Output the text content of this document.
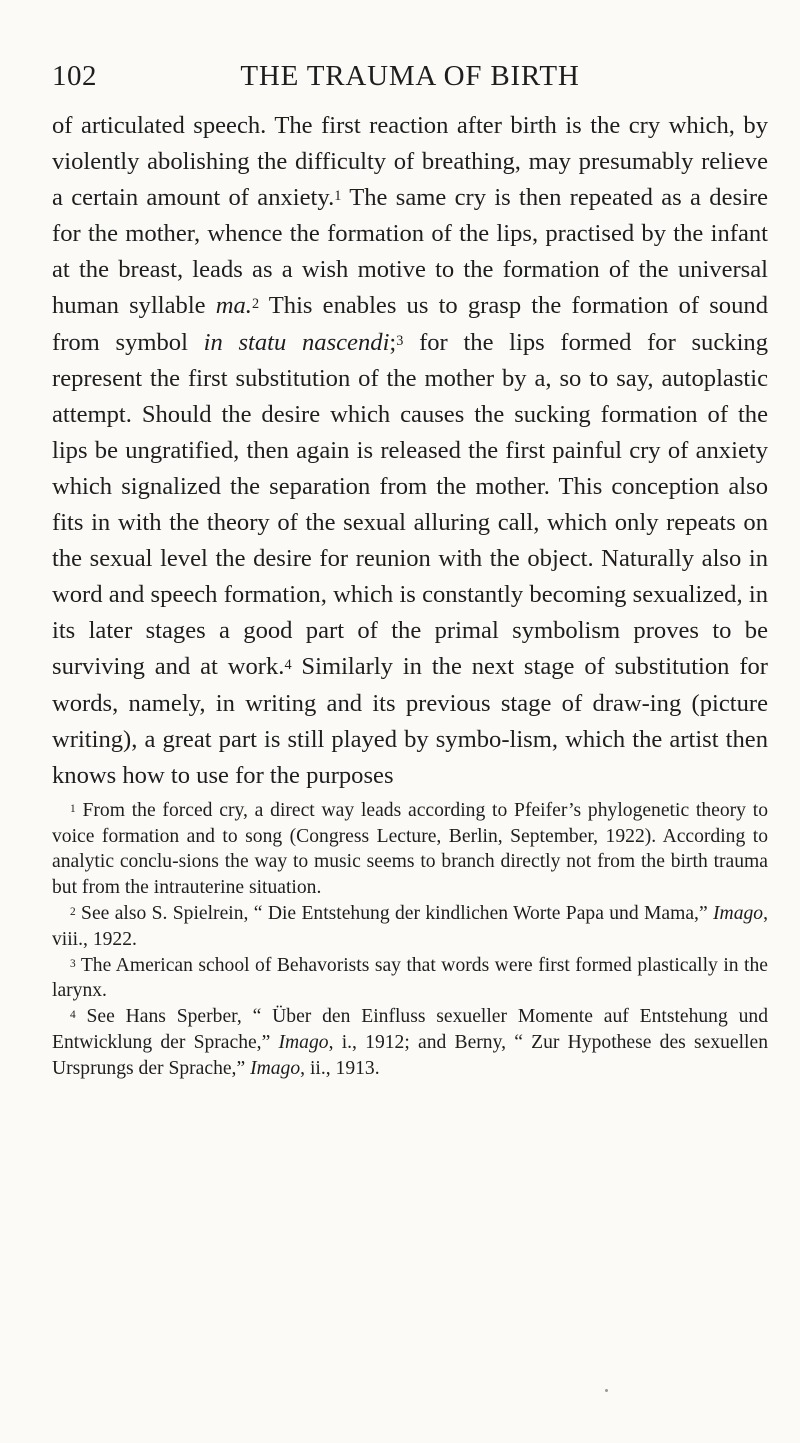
102	THE TRAUMA OF BIRTH

of articulated speech. The first reaction after birth is the cry which, by violently abolishing the difficulty of breathing, may presumably relieve a certain amount of anxiety.$^1$ The same cry is then repeated as a desire for the mother, whence the formation of the lips, practised by the infant at the breast, leads as a wish motive to the formation of the universal human syllable ma.$^2$ This enables us to grasp the formation of sound from symbol in statu nascendi;$^3$ for the lips formed for sucking represent the first substitution of the mother by a, so to say, autoplastic attempt. Should the desire which causes the sucking formation of the lips be ungratified, then again is released the first painful cry of anxiety which signalized the separation from the mother. This conception also fits in with the theory of the sexual alluring call, which only repeats on the sexual level the desire for reunion with the object. Naturally also in word and speech formation, which is constantly becoming sexualized, in its later stages a good part of the primal symbolism proves to be surviving and at work.$^4$ Similarly in the next stage of substitution for words, namely, in writing and its previous stage of draw-ing (picture writing), a great part is still played by symbo-lism, which the artist then knows how to use for the purposes

$^1$ From the forced cry, a direct way leads according to Pfeifer’s phylogenetic theory to voice formation and to song (Congress Lecture, Berlin, September, 1922). According to analytic conclu-sions the way to music seems to branch directly not from the birth trauma but from the intrauterine situation.

$^2$ See also S. Spielrein, “ Die Entstehung der kindlichen Worte Papa und Mama,” Imago, viii., 1922.

$^3$ The American school of Behavorists say that words were first formed plastically in the larynx.

$^4$ See Hans Sperber, “ Über den Einfluss sexueller Momente auf Entstehung und Entwicklung der Sprache,” Imago, i., 1912; and Berny, “ Zur Hypothese des sexuellen Ursprungs der Sprache,” Imago, ii., 1913.
